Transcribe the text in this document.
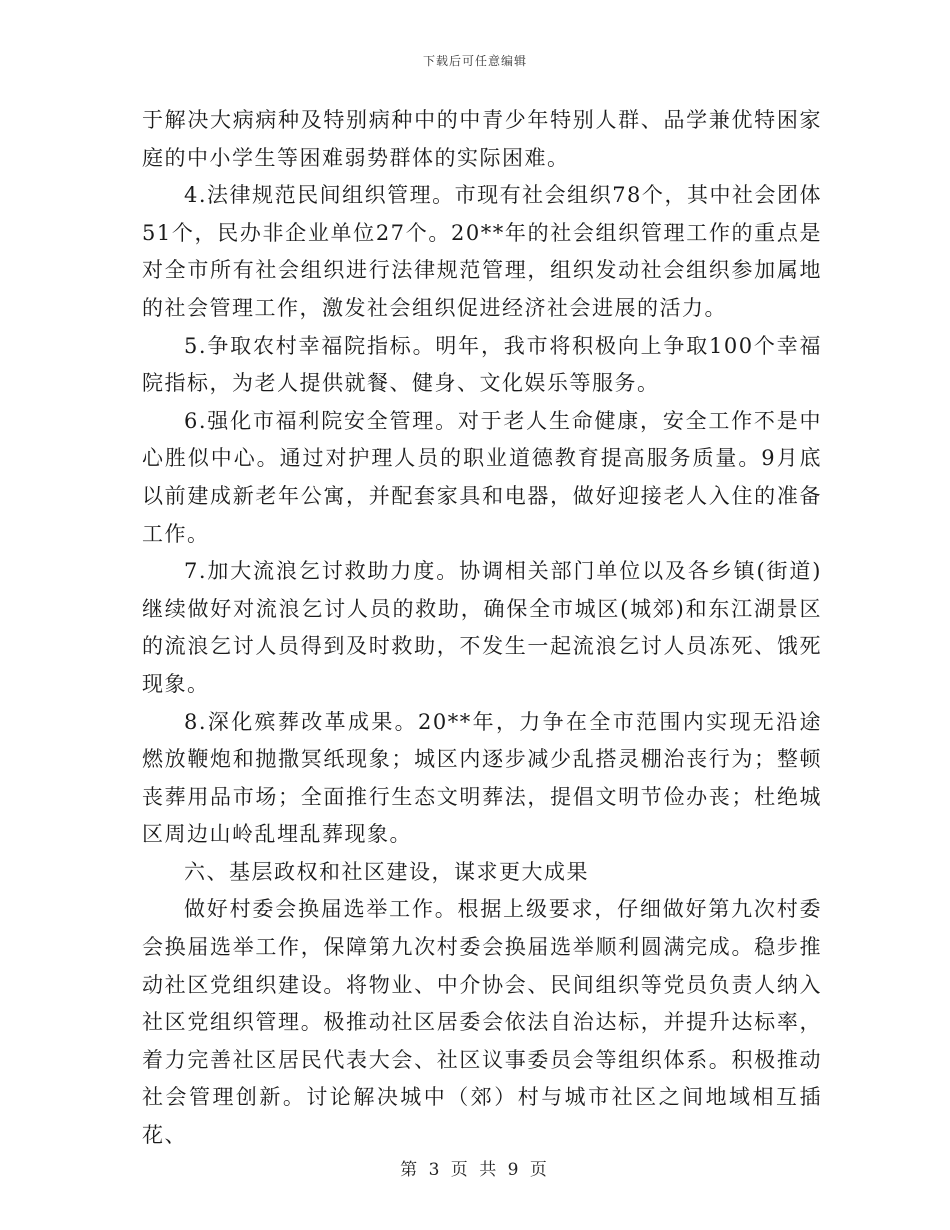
下载后可任意编辑

于解决大病病种及特别病种中的中青少年特别人群、品学兼优特困家庭的中小学生等困难弱势群体的实际困难。

4.法律规范民间组织管理。市现有社会组织78个，其中社会团体51个，民办非企业单位27个。20**年的社会组织管理工作的重点是对全市所有社会组织进行法律规范管理，组织发动社会组织参加属地的社会管理工作，激发社会组织促进经济社会进展的活力。

5.争取农村幸福院指标。明年，我市将积极向上争取100个幸福院指标，为老人提供就餐、健身、文化娱乐等服务。

6.强化市福利院安全管理。对于老人生命健康，安全工作不是中心胜似中心。通过对护理人员的职业道德教育提高服务质量。9月底以前建成新老年公寓，并配套家具和电器，做好迎接老人入住的准备工作。

7.加大流浪乞讨救助力度。协调相关部门单位以及各乡镇(街道)继续做好对流浪乞讨人员的救助，确保全市城区(城郊)和东江湖景区的流浪乞讨人员得到及时救助，不发生一起流浪乞讨人员冻死、饿死现象。

8.深化殡葬改革成果。20**年，力争在全市范围内实现无沿途燃放鞭炮和抛撒冥纸现象；城区内逐步减少乱搭灵棚治丧行为；整顿丧葬用品市场；全面推行生态文明葬法，提倡文明节俭办丧；杜绝城区周边山岭乱埋乱葬现象。

六、基层政权和社区建设，谋求更大成果

做好村委会换届选举工作。根据上级要求，仔细做好第九次村委会换届选举工作，保障第九次村委会换届选举顺利圆满完成。稳步推动社区党组织建设。将物业、中介协会、民间组织等党员负责人纳入社区党组织管理。极推动社区居委会依法自治达标，并提升达标率，着力完善社区居民代表大会、社区议事委员会等组织体系。积极推动社会管理创新。讨论解决城中（郊）村与城市社区之间地域相互插花、

第 3 页 共 9 页
